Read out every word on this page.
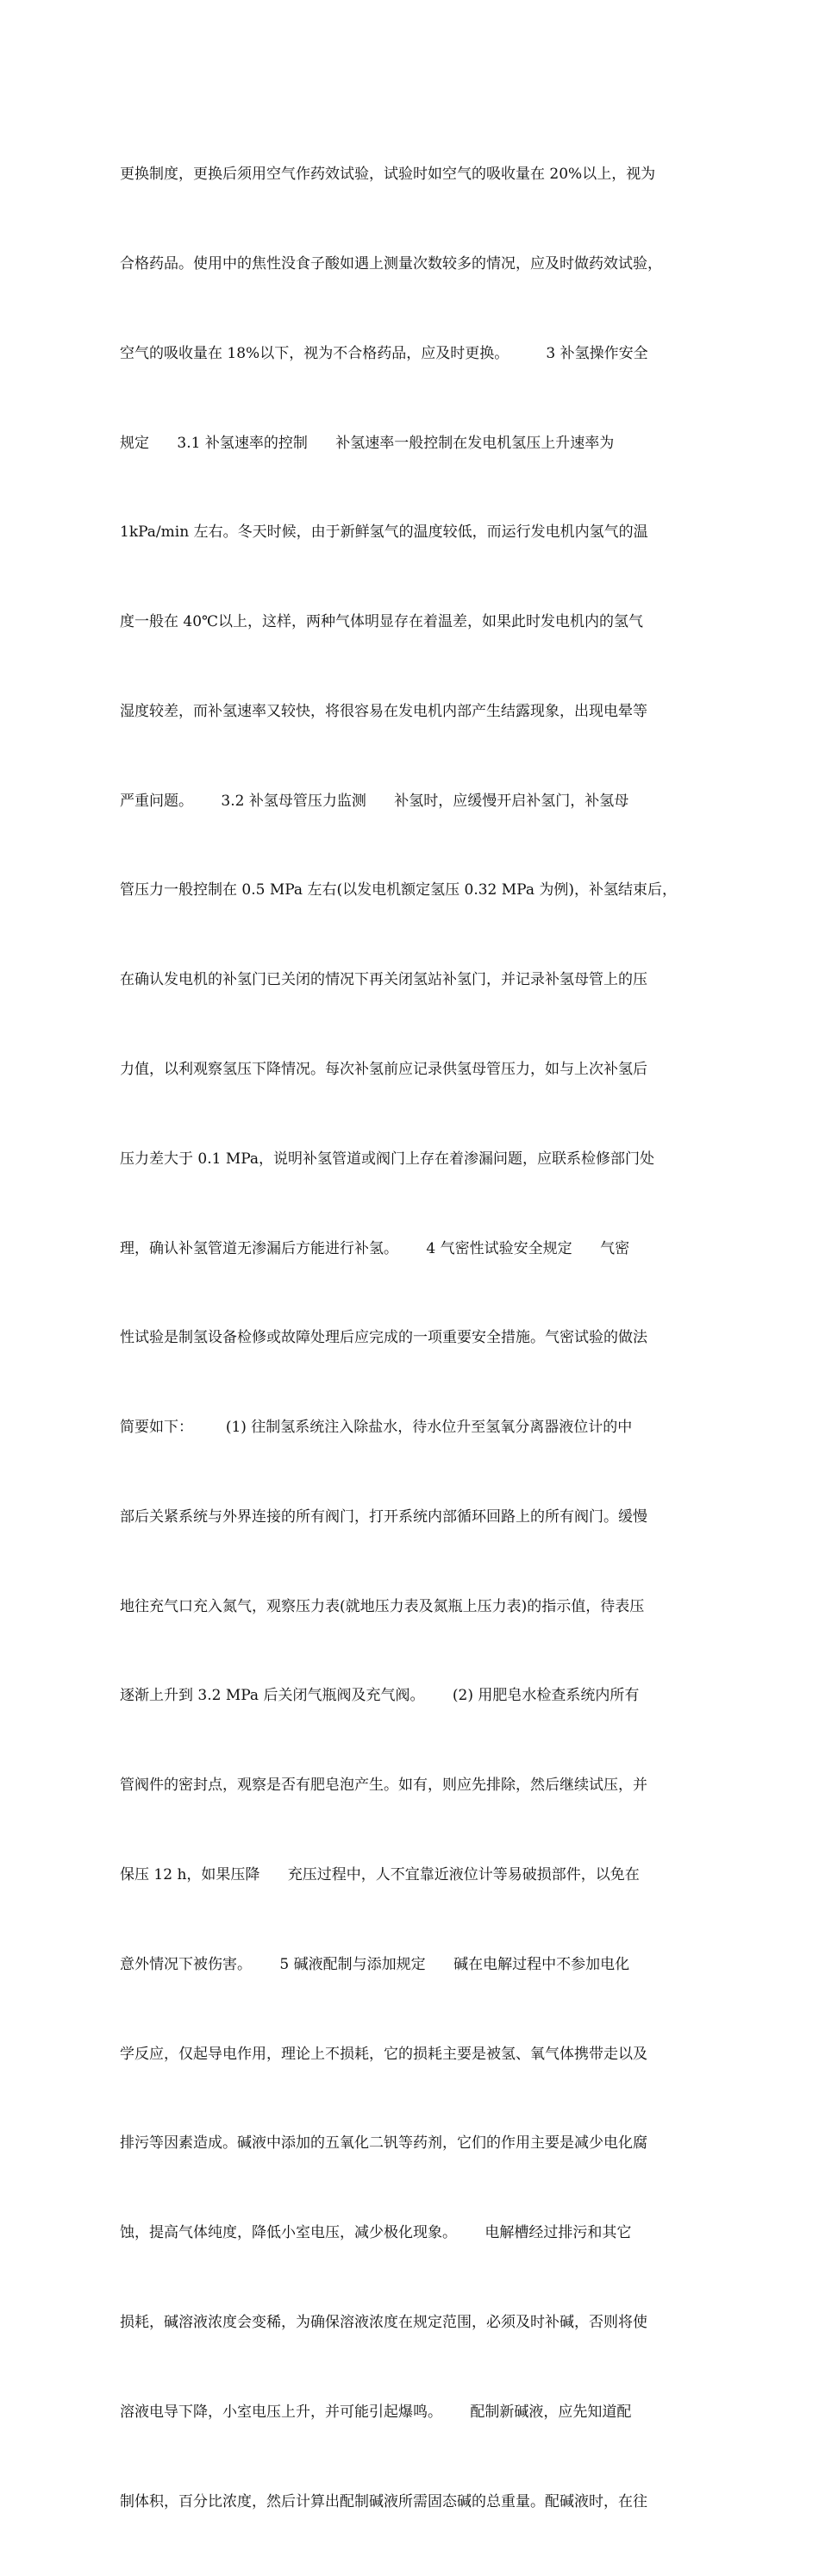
更换制度，更换后须用空气作药效试验，试验时如空气的吸收量在 20%以上，视为

合格药品。使用中的焦性没食子酸如遇上测量次数较多的情况，应及时做药效试验，

空气的吸收量在 18%以下，视为不合格药品，应及时更换。        3 补氢操作安全

规定      3.1 补氢速率的控制      补氢速率一般控制在发电机氢压上升速率为

1kPa/min 左右。冬天时候，由于新鲜氢气的温度较低，而运行发电机内氢气的温

度一般在 40℃以上，这样，两种气体明显存在着温差，如果此时发电机内的氢气

湿度较差，而补氢速率又较快，将很容易在发电机内部产生结露现象，出现电晕等

严重问题。      3.2 补氢母管压力监测      补氢时，应缓慢开启补氢门，补氢母

管压力一般控制在 0.5 MPa 左右(以发电机额定氢压 0.32 MPa 为例)，补氢结束后，

在确认发电机的补氢门已关闭的情况下再关闭氢站补氢门，并记录补氢母管上的压

力值，以利观察氢压下降情况。每次补氢前应记录供氢母管压力，如与上次补氢后

压力差大于 0.1 MPa，说明补氢管道或阀门上存在着渗漏问题，应联系检修部门处

理，确认补氢管道无渗漏后方能进行补氢。      4 气密性试验安全规定      气密

性试验是制氢设备检修或故障处理后应完成的一项重要安全措施。气密试验的做法

简要如下：       (1) 往制氢系统注入除盐水，待水位升至氢氧分离器液位计的中

部后关紧系统与外界连接的所有阀门，打开系统内部循环回路上的所有阀门。缓慢

地往充气口充入氮气，观察压力表(就地压力表及氮瓶上压力表)的指示值，待表压

逐渐上升到 3.2 MPa 后关闭气瓶阀及充气阀。      (2) 用肥皂水检查系统内所有

管阀件的密封点，观察是否有肥皂泡产生。如有，则应先排除，然后继续试压，并

保压 12 h，如果压降      充压过程中，人不宜靠近液位计等易破损部件，以免在

意外情况下被伤害。      5 碱液配制与添加规定      碱在电解过程中不参加电化

学反应，仅起导电作用，理论上不损耗，它的损耗主要是被氢、氧气体携带走以及

排污等因素造成。碱液中添加的五氧化二钒等药剂，它们的作用主要是减少电化腐

蚀，提高气体纯度，降低小室电压，减少极化现象。      电解槽经过排污和其它

损耗，碱溶液浓度会变稀，为确保溶液浓度在规定范围，必须及时补碱，否则将使

溶液电导下降，小室电压上升，并可能引起爆鸣。      配制新碱液，应先知道配

制体积，百分比浓度，然后计算出配制碱液所需固态碱的总重量。配碱液时，在往
